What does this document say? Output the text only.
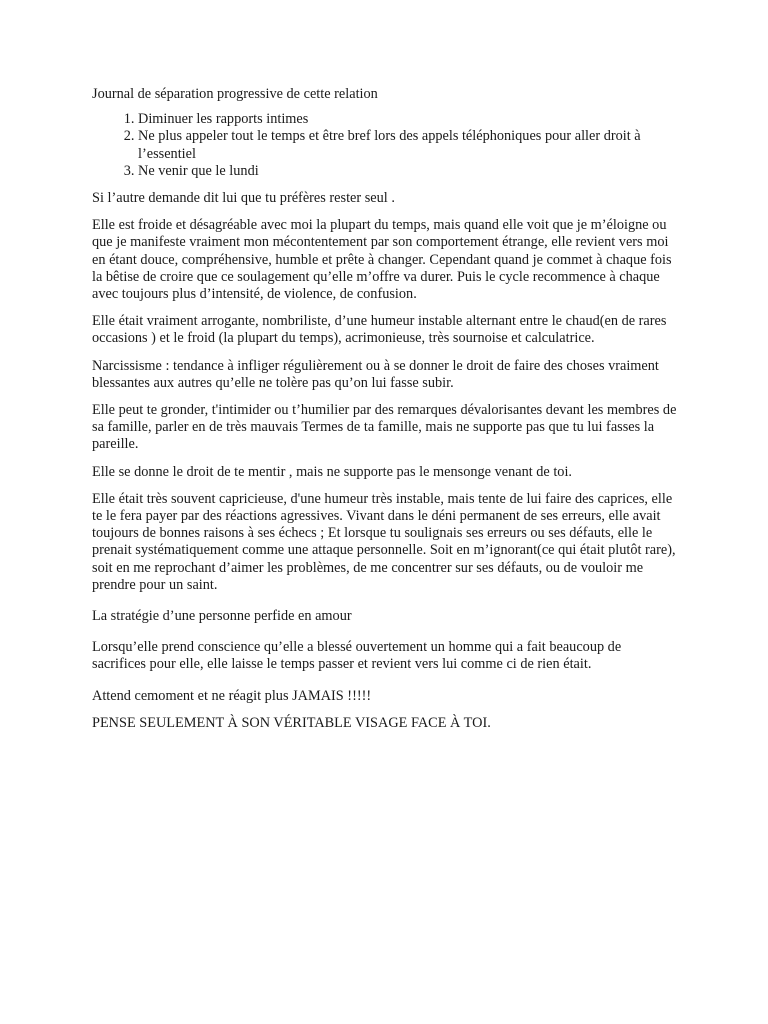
Journal de séparation progressive de cette relation

1. Diminuer les rapports intimes
2. Ne plus appeler tout le temps et être bref lors des appels téléphoniques pour aller droit à l’essentiel
3. Ne venir que le lundi

Si l’autre demande dit lui que tu préfères rester seul .

Elle est froide et désagréable avec moi la plupart du temps, mais quand elle voit que je m’éloigne ou que je manifeste vraiment mon mécontentement par son comportement étrange, elle revient vers moi en étant douce, compréhensive, humble et prête à changer. Cependant quand je commet à chaque fois la bêtise de croire que ce soulagement qu’elle m’offre va durer. Puis le cycle recommence à chaque avec toujours plus d’intensité, de violence, de confusion.

Elle était vraiment arrogante, nombriliste, d’une humeur instable alternant entre le chaud(en de rares occasions ) et le froid (la plupart du temps), acrimonieuse, très sournoise et calculatrice.

Narcissisme : tendance à infliger régulièrement ou à se donner le droit de faire des choses vraiment blessantes aux autres qu’elle ne tolère pas qu’on lui fasse subir.

Elle peut te gronder, t'intimider ou t’humilier par des remarques dévalorisantes devant les membres de sa famille, parler en de très mauvais Termes de ta famille, mais ne supporte pas que tu lui fasses la pareille.

Elle se donne le droit de te mentir , mais ne supporte pas le mensonge venant de toi.

Elle était très souvent capricieuse, d'une humeur très instable, mais tente de lui faire des caprices, elle te le fera payer par des réactions agressives. Vivant dans le déni permanent de ses erreurs, elle avait toujours de bonnes raisons à ses échecs ; Et lorsque tu soulignais ses erreurs ou ses défauts, elle le prenait systématiquement comme une attaque personnelle. Soit en m’ignorant(ce qui était plutôt rare), soit en me reprochant d’aimer les problèmes, de me concentrer sur ses défauts, ou de vouloir me prendre pour un saint.

La stratégie d’une personne perfide en amour

Lorsqu’elle prend conscience qu’elle a blessé ouvertement un homme qui a fait beaucoup de sacrifices pour elle, elle laisse le temps passer et revient vers lui comme ci de rien était.

Attend cemoment et ne réagit plus JAMAIS !!!!!

PENSE SEULEMENT À SON VÉRITABLE VISAGE FACE À TOI.
